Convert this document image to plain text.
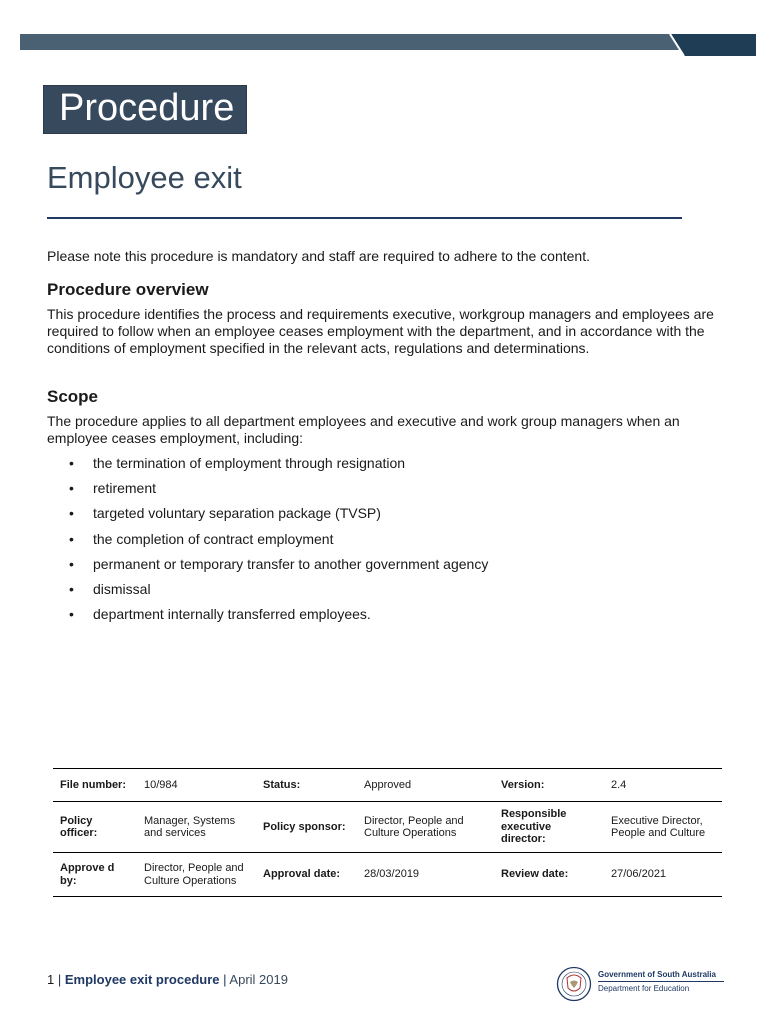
Procedure
Employee exit

Please note this procedure is mandatory and staff are required to adhere to the content.

Procedure overview

This procedure identifies the process and requirements executive, workgroup managers and employees are required to follow when an employee ceases employment with the department, and in accordance with the conditions of employment specified in the relevant acts, regulations and determinations.

Scope

The procedure applies to all department employees and executive and work group managers when an employee ceases employment, including:

• the termination of employment through resignation
• retirement
• targeted voluntary separation package (TVSP)
• the completion of contract employment
• permanent or temporary transfer to another government agency
• dismissal
• department internally transferred employees.
File number:	10/984	Status:	Approved	Version:	2.4
Policy officer:	Manager, Systems and services	Policy sponsor:	Director, People and Culture Operations	Responsible executive director:	Executive Director, People and Culture
Approve d by:	Director, People and Culture Operations	Approval date:	28/03/2019	Review date:	27/06/2021
1 | Employee exit procedure | April 2019	Government of South Australia
Department for Education
